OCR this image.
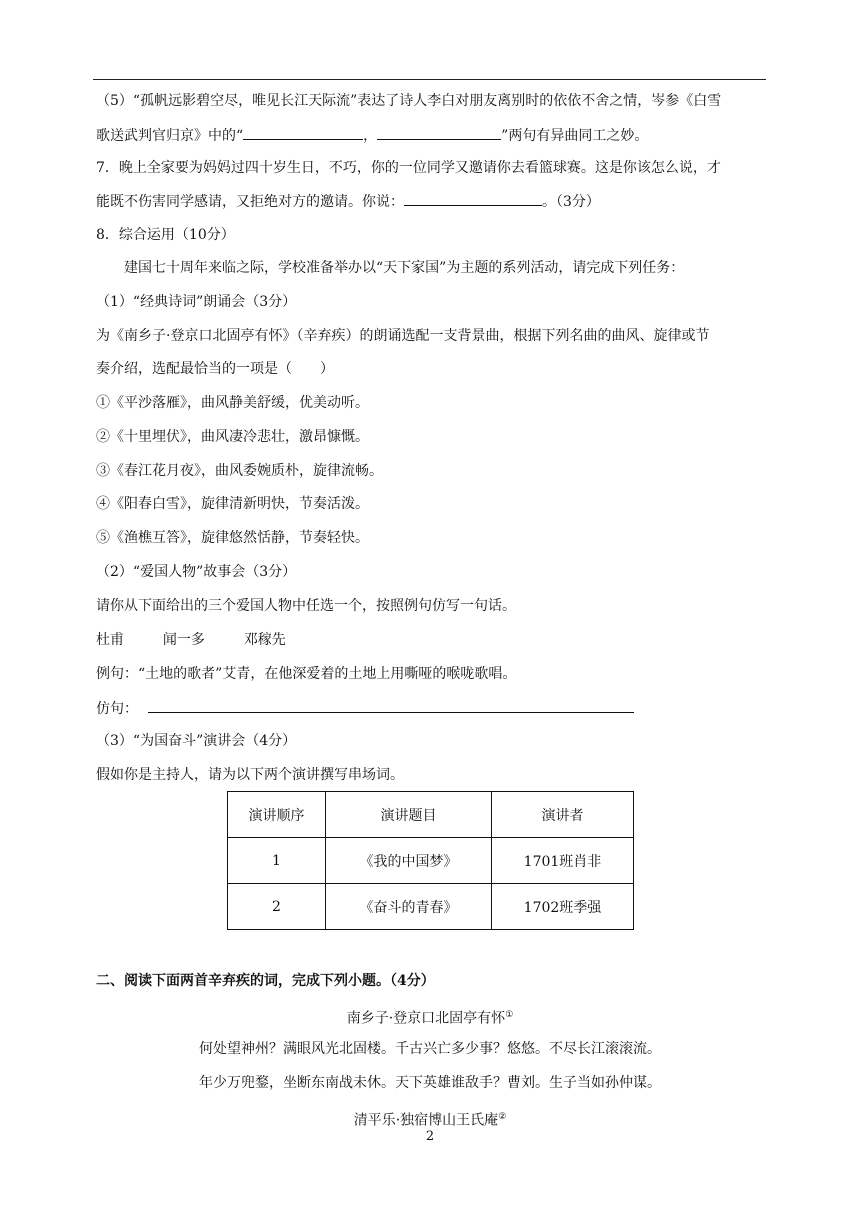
（5）“孤帆远影碧空尽，唯见长江天际流”表达了诗人李白对朋友离别时的依依不舍之情，岑参《白雪
歌送武判官归京》中的“	，	”两句有异曲同工之妙。
7．晚上全家要为妈妈过四十岁生日，不巧，你的一位同学又邀请你去看篮球赛。这是你该怎么说，才
能既不伤害同学感请，又拒绝对方的邀请。你说：	。（3分）
8．综合运用（10分）
建国七十周年来临之际，学校准备举办以“天下家国”为主题的系列活动，请完成下列任务：
（1）“经典诗词”朗诵会（3分）
为《南乡子·登京口北固亭有怀》（辛弃疾）的朗诵选配一支背景曲，根据下列名曲的曲风、旋律或节
奏介绍，选配最恰当的一项是（　　）
①《平沙落雁》，曲风静美舒缓，优美动听。
②《十里埋伏》，曲风凄冷悲壮，激昂慷慨。
③《春江花月夜》，曲风委婉质朴，旋律流畅。
④《阳春白雪》，旋律清新明快，节奏活泼。
⑤《渔樵互答》，旋律悠然恬静，节奏轻快。
（2）“爱国人物”故事会（3分）
请你从下面给出的三个爱国人物中任选一个，按照例句仿写一句话。
杜甫	闻一多	邓稼先
例句：“土地的歌者”艾青，在他深爱着的土地上用嘶哑的喉咙歌唱。
仿句：
（3）“为国奋斗”演讲会（4分）
假如你是主持人，请为以下两个演讲撰写串场词。
演讲顺序	演讲题目	演讲者
1	《我的中国梦》	1701班肖非
2	《奋斗的青春》	1702班季强
二、阅读下面两首辛弃疾的词，完成下列小题。（4分）
南乡子·登京口北固亭有怀①
何处望神州？满眼风光北固楼。千古兴亡多少事？悠悠。不尽长江滚滚流。
年少万兜鍪，坐断东南战未休。天下英雄谁敌手？曹刘。生子当如孙仲谋。
清平乐·独宿博山王氏庵②
2
